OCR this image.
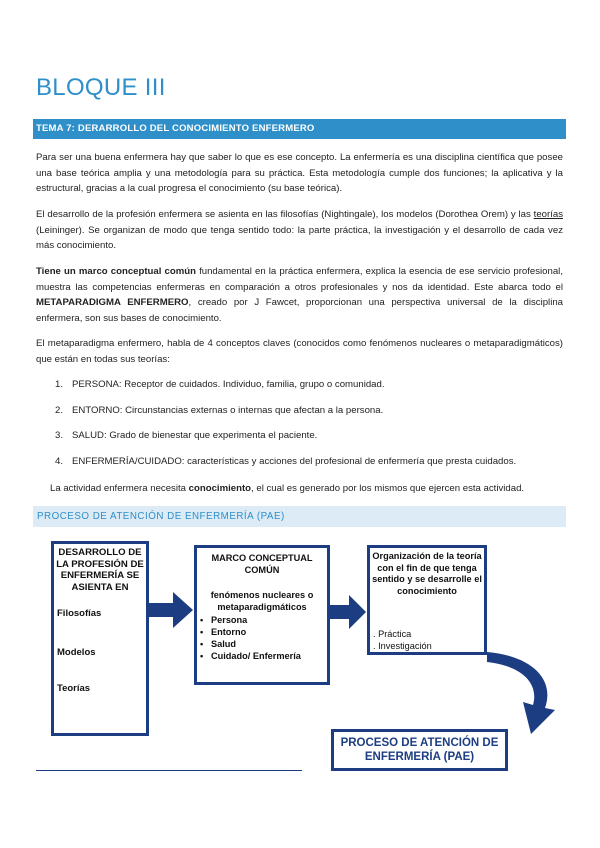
BLOQUE III
TEMA 7: DERARROLLO DEL CONOCIMIENTO ENFERMERO

Para ser una buena enfermera hay que saber lo que es ese concepto. La enfermería es una disciplina científica que posee una base teórica amplia y una metodología para su práctica. Esta metodología cumple dos funciones; la aplicativa y la estructural, gracias a la cual progresa el conocimiento (su base teórica).

El desarrollo de la profesión enfermera se asienta en las filosofías (Nightingale), los modelos (Dorothea Orem) y las teorías (Leininger). Se organizan de modo que tenga sentido todo: la parte práctica, la investigación y el desarrollo de cada vez más conocimiento.

Tiene un marco conceptual común fundamental en la práctica enfermera, explica la esencia de ese servicio profesional, muestra las competencias enfermeras en comparación a otros profesionales y nos da identidad. Este abarca todo el METAPARADIGMA ENFERMERO, creado por J Fawcet, proporcionan una perspectiva universal de la disciplina enfermera, son sus bases de conocimiento.

El metaparadigma enfermero, habla de 4 conceptos claves (conocidos como fenómenos nucleares o metaparadigmáticos) que están en todas sus teorías:

1. PERSONA: Receptor de cuidados. Individuo, familia, grupo o comunidad.
2. ENTORNO: Circunstancias externas o internas que afectan a la persona.
3. SALUD: Grado de bienestar que experimenta el paciente.
4. ENFERMERÍA/CUIDADO: características y acciones del profesional de enfermería que presta cuidados.

La actividad enfermera necesita conocimiento, el cual es generado por los mismos que ejercen esta actividad.

PROCESO DE ATENCIÓN DE ENFERMERÍA (PAE)
DESARROLLO DE LA PROFESIÓN DE ENFERMERÍA SE ASIENTA EN
Filosofías
Modelos
Teorías
MARCO CONCEPTUAL COMÚN
fenómenos nucleares o metaparadigmáticos
• Persona
• Entorno
• Salud
• Cuidado/ Enfermería
Organización de la teoría con el fin de que tenga sentido y se desarrolle el conocimiento
. Práctica
. Investigación
PROCESO DE ATENCIÓN DE ENFERMERÍA (PAE)
